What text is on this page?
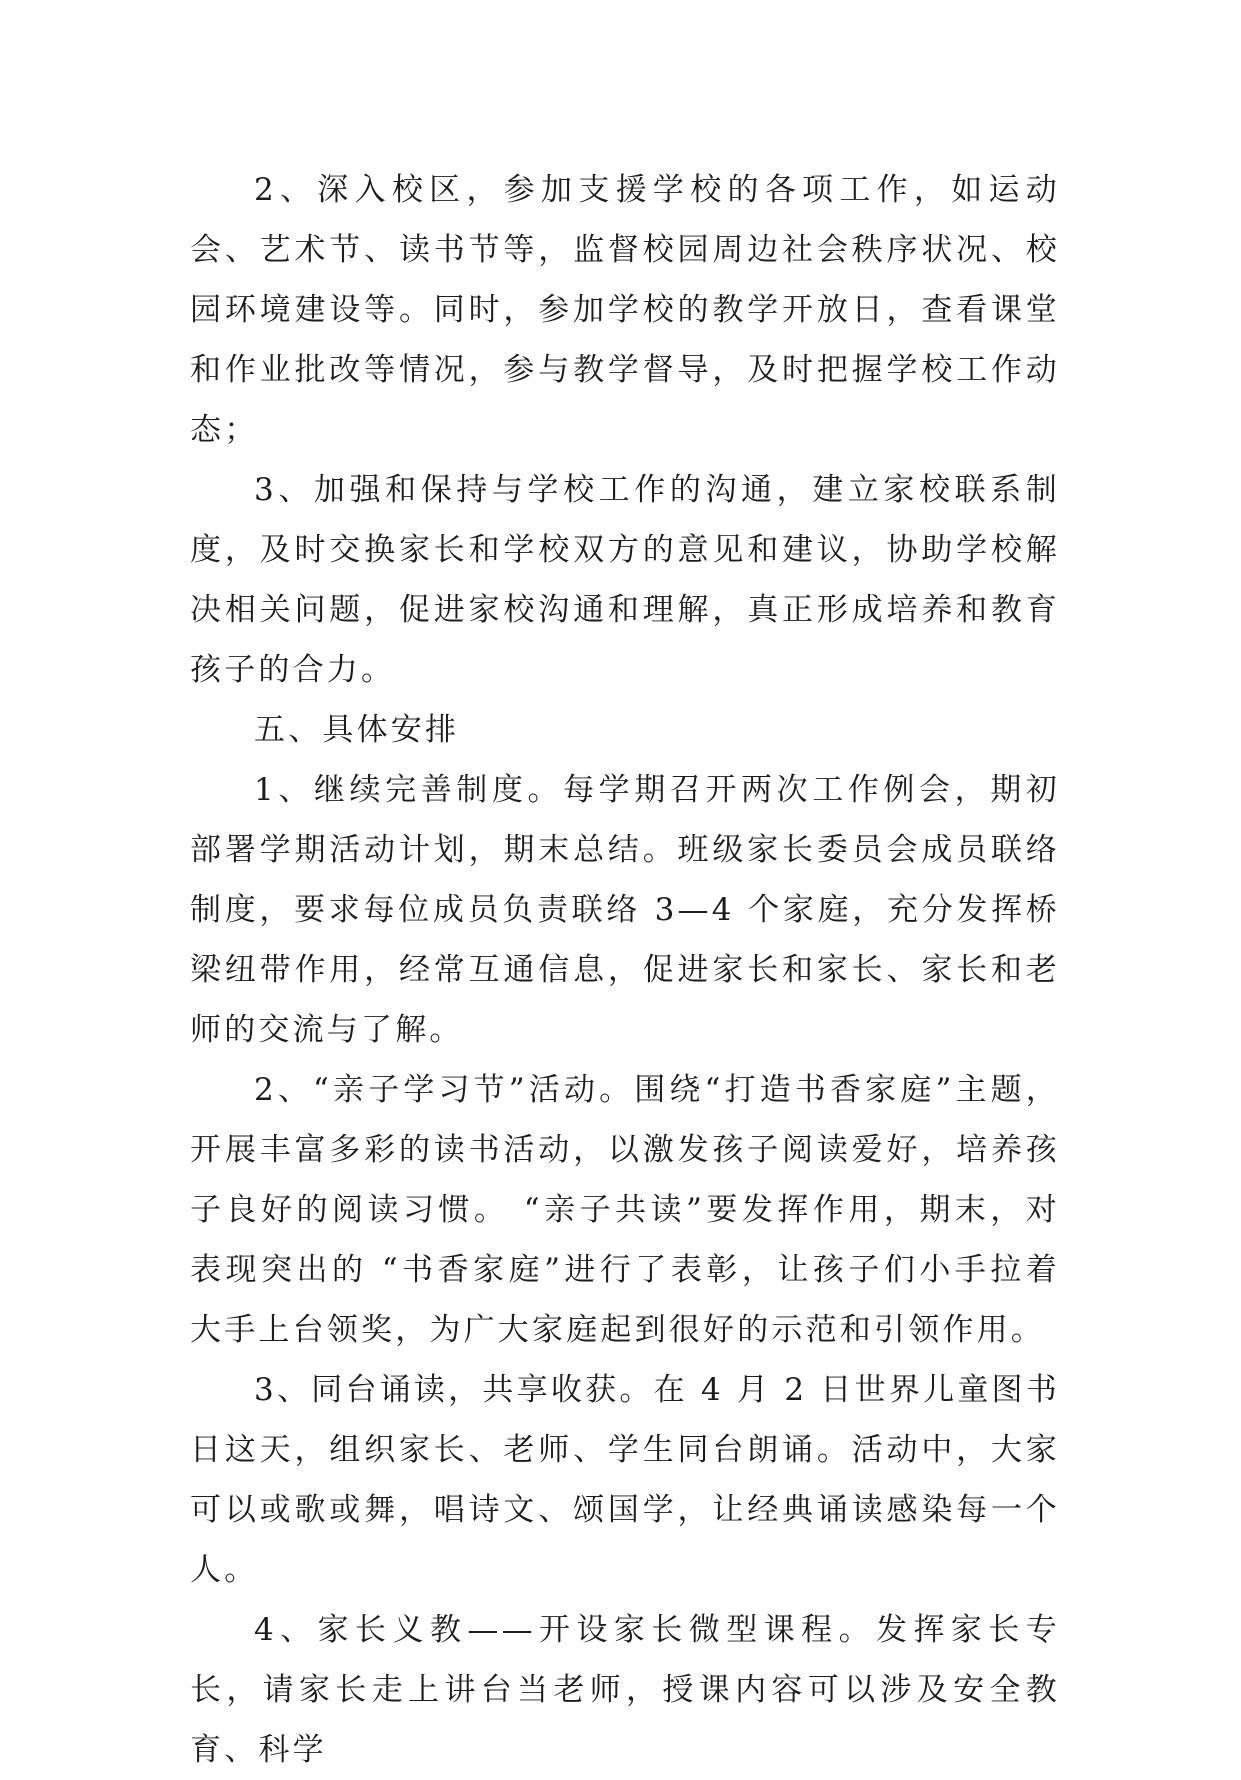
2、深入校区，参加支援学校的各项工作，如运动会、艺术节、读书节等，监督校园周边社会秩序状况、校园环境建设等。同时，参加学校的教学开放日，查看课堂和作业批改等情况，参与教学督导，及时把握学校工作动态；

3、加强和保持与学校工作的沟通，建立家校联系制度，及时交换家长和学校双方的意见和建议，协助学校解决相关问题，促进家校沟通和理解，真正形成培养和教育孩子的合力。

五、具体安排

1、继续完善制度。每学期召开两次工作例会，期初部署学期活动计划，期末总结。班级家长委员会成员联络制度，要求每位成员负责联络 3—4 个家庭，充分发挥桥梁纽带作用，经常互通信息，促进家长和家长、家长和老师的交流与了解。

2、“亲子学习节”活动。围绕“打造书香家庭”主题，开展丰富多彩的读书活动，以激发孩子阅读爱好，培养孩子良好的阅读习惯。 “亲子共读”要发挥作用，期末，对表现突出的 “书香家庭”进行了表彰，让孩子们小手拉着大手上台领奖，为广大家庭起到很好的示范和引领作用。

3、同台诵读，共享收获。在 4 月 2 日世界儿童图书日这天，组织家长、老师、学生同台朗诵。活动中，大家可以或歌或舞，唱诗文、颂国学，让经典诵读感染每一个人。

4、家长义教——开设家长微型课程。发挥家长专长，请家长走上讲台当老师，授课内容可以涉及安全教育、科学
